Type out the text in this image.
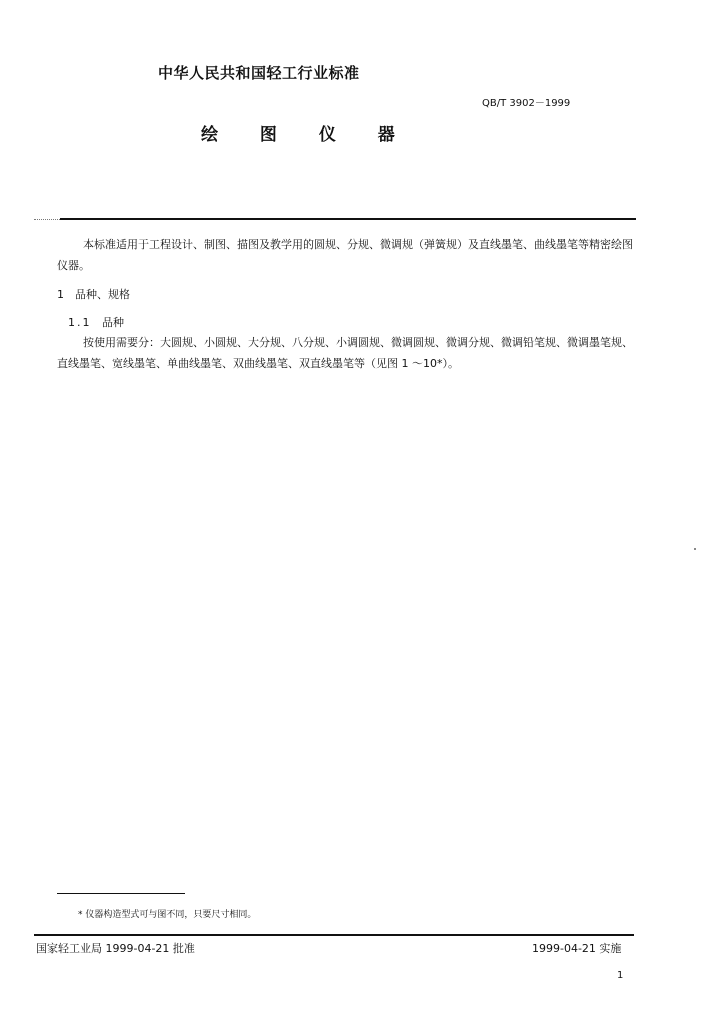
中华人民共和国轻工行业标准
QB/T 3902－1999
绘 图 仪 器
本标准适用于工程设计、制图、描图及教学用的圆规、分规、微调规（弹簧规）及直线墨笔、曲线墨笔等精密绘图仪器。
1 品种、规格
1.1 品种
按使用需要分：大圆规、小圆规、大分规、八分规、小调圆规、微调圆规、微调分规、微调铅笔规、微调墨笔规、直线墨笔、宽线墨笔、单曲线墨笔、双曲线墨笔、双直线墨笔等（见图 1 ～10*）。
* 仪器构造型式可与图不同，只要尺寸相同。
国家轻工业局 1999-04-21 批准	1999-04-21 实施
1
